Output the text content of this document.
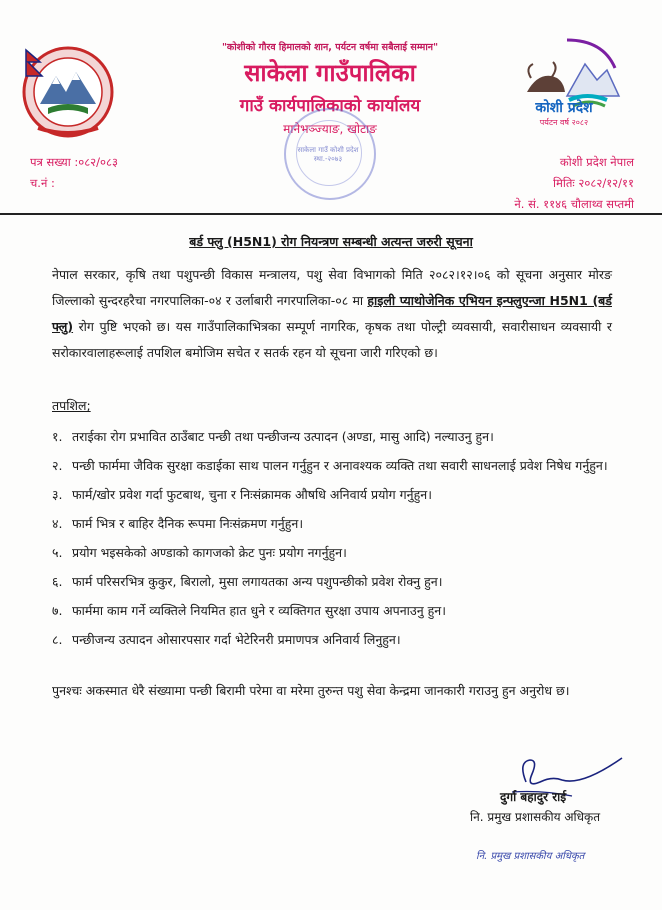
"कोशीको गौरव हिमालको शान, पर्यटन वर्षमा सबैलाई सम्मान"
साकेला गाउँपालिका
गाउँ कार्यपालिकाको कार्यालय
मानेभञ्ज्याङ, खोटाङ
साकेला गाउँ कोशी प्रदेश स्था.-२०७३
कोशी प्रदेश
पर्यटन वर्ष २०८२
पत्र सख्या :०८२/०८३
च.नं :
कोशी प्रदेश नेपाल
मितिः २०८२/१२/११
ने. सं. ११४६ चौलाथ्व सप्तमी
बर्ड फ्लु (H5N1) रोग नियन्त्रण सम्बन्धी अत्यन्त जरुरी सूचना
नेपाल सरकार, कृषि तथा पशुपन्छी विकास मन्त्रालय, पशु सेवा विभागको मिति २०८२।१२।०६ को सूचना अनुसार मोरङ जिल्लाको सुन्दरहरैचा नगरपालिका-०४ र उर्लाबारी नगरपालिका-०८ मा हाइली प्याथोजेनिक एभियन इन्फ्लुएन्जा H5N1 (बर्ड फ्लु) रोग पुष्टि भएको छ। यस गाउँपालिकाभित्रका सम्पूर्ण नागरिक, कृषक तथा पोल्ट्री व्यवसायी, सवारीसाधन व्यवसायी र सरोकारवालाहरूलाई तपशिल बमोजिम सचेत र सतर्क रहन यो सूचना जारी गरिएको छ।
तपशिल;
१. तराईका रोग प्रभावित ठाउँबाट पन्छी तथा पन्छीजन्य उत्पादन (अण्डा, मासु आदि) नल्याउनु हुन।
२. पन्छी फार्ममा जैविक सुरक्षा कडाईका साथ पालन गर्नुहुन र अनावश्यक व्यक्ति तथा सवारी साधनलाई प्रवेश निषेध गर्नुहुन।
३. फार्म/खोर प्रवेश गर्दा फुटबाथ, चुना र निःसंक्रामक औषधि अनिवार्य प्रयोग गर्नुहुन।
४. फार्म भित्र र बाहिर दैनिक रूपमा निःसंक्रमण गर्नुहुन।
५. प्रयोग भइसकेको अण्डाको कागजको क्रेट पुनः प्रयोग नगर्नुहुन।
६. फार्म परिसरभित्र कुकुर, बिरालो, मुसा लगायतका अन्य पशुपन्छीको प्रवेश रोक्नु हुन।
७. फार्ममा काम गर्ने व्यक्तिले नियमित हात धुने र व्यक्तिगत सुरक्षा उपाय अपनाउनु हुन।
८. पन्छीजन्य उत्पादन ओसारपसार गर्दा भेटेरिनरी प्रमाणपत्र अनिवार्य लिनुहुन।
पुनश्चः अकस्मात धेरै संख्यामा पन्छी बिरामी परेमा वा मरेमा तुरुन्त पशु सेवा केन्द्रमा जानकारी गराउनु हुन अनुरोध छ।
दुर्गा बहादुर राई
नि. प्रमुख प्रशासकीय अधिकृत
नि. प्रमुख प्रशासकीय अधिकृत
